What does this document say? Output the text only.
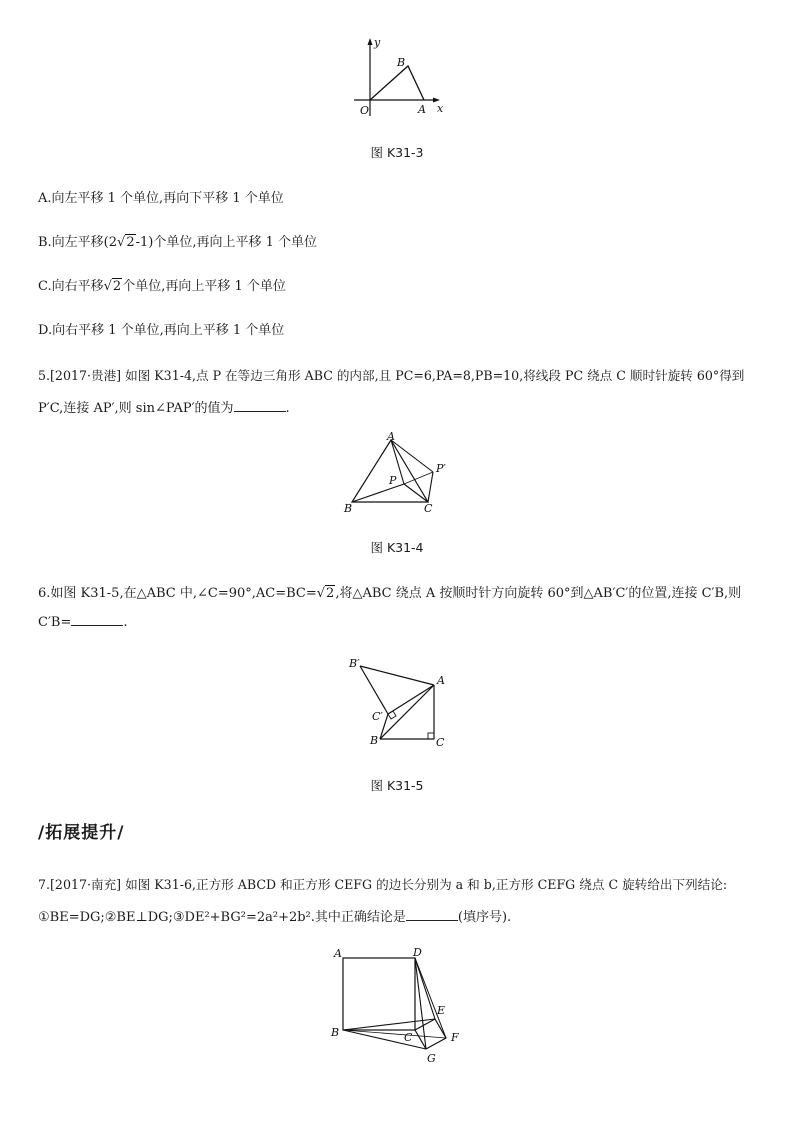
y
x
O	A
B
图 K31-3
A.向左平移 1 个单位,再向下平移 1 个单位
B.向左平移(2√2-1)个单位,再向上平移 1 个单位
C.向右平移√2个单位,再向上平移 1 个单位
D.向右平移 1 个单位,再向上平移 1 个单位
5.[2017·贵港] 如图 K31-4,点 P 在等边三角形 ABC 的内部,且 PC=6,PA=8,PB=10,将线段 PC 绕点 C 顺时针旋转 60°得到
P′C,连接 AP′,则 sin∠PAP′的值为	.
A
B	C
P
P′
图 K31-4
6.如图 K31-5,在△ABC 中,∠C=90°,AC=BC=√2,将△ABC 绕点 A 按顺时针方向旋转 60°到△AB′C′的位置,连接 C′B,则
C′B=	.
B′
A
C′
B	C
图 K31-5
/拓展提升/
7.[2017·南充] 如图 K31-6,正方形 ABCD 和正方形 CEFG 的边长分别为 a 和 b,正方形 CEFG 绕点 C 旋转给出下列结论:
①BE=DG;②BE⊥DG;③DE²+BG²=2a²+2b².其中正确结论是	(填序号).
A	D
E
B	C	F
G
